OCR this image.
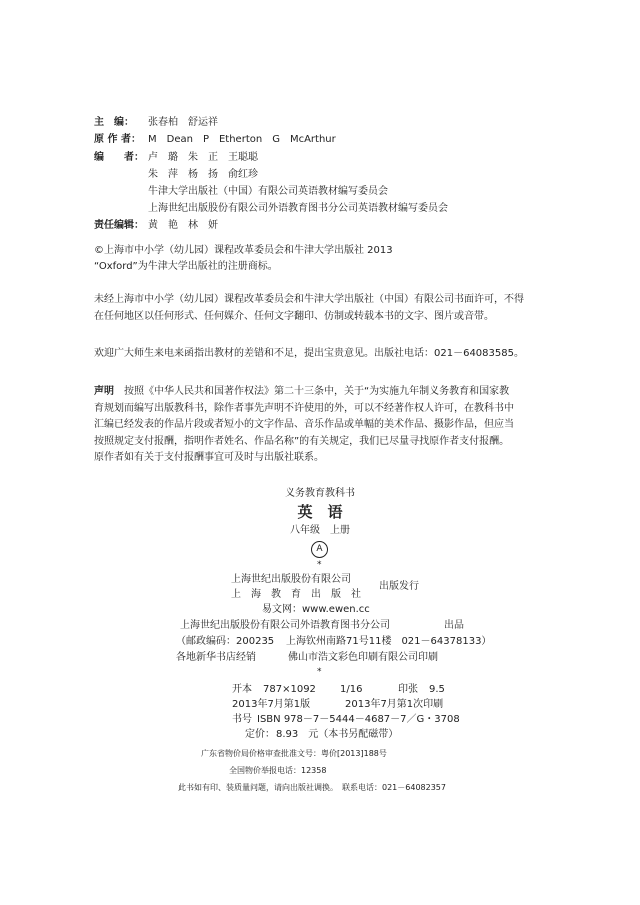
主　编： 张春柏　舒运祥
原 作 者： M　Dean　P　Etherton　G　McArthur
编　　者： 卢　璐　朱　正　王聪聪
朱　萍　杨　扬　俞红珍
牛津大学出版社（中国）有限公司英语教材编写委员会
上海世纪出版股份有限公司外语教育图书分公司英语教材编写委员会
责任编辑： 黄　艳　林　妍
©上海市中小学（幼儿园）课程改革委员会和牛津大学出版社 2013
“Oxford”为牛津大学出版社的注册商标。

未经上海市中小学（幼儿园）课程改革委员会和牛津大学出版社（中国）有限公司书面许可，不得

在任何地区以任何形式、任何媒介、任何文字翻印、仿制或转载本书的文字、图片或音带。

欢迎广大师生来电来函指出教材的差错和不足，提出宝贵意见。出版社电话：021－64083585。
声明	按照《中华人民共和国著作权法》第二十三条中，关于“为实施九年制义务教育和国家教

育规划而编写出版教科书，除作者事先声明不许使用的外，可以不经著作权人许可，在教科书中

汇编已经发表的作品片段或者短小的文字作品、音乐作品或单幅的美术作品、摄影作品，但应当

按照规定支付报酬，指明作者姓名、作品名称”的有关规定，我们已尽量寻找原作者支付报酬。

原作者如有关于支付报酬事宜可及时与出版社联系。

义务教育教科书
英　语
八年级　上册
A
*
上海世纪出版股份有限公司
上　海　教　育　出　版　社
出版发行
易文网：www.ewen.cc
上海世纪出版股份有限公司外语教育图书分公司	出品
（邮政编码：200235 上海钦州南路71号11楼　021－64378133）
各地新华书店经销	佛山市浩文彩色印刷有限公司印刷
*
开本 787×1092 1/16	印张 9.5
2013年7月第1版	2013年7月第1次印刷
书号 ISBN 978－7－5444－4687－7／G・3708
定价： 8.93　元（本书另配磁带）
广东省物价局价格审查批准文号：粤价[2013]188号
全国物价举报电话：12358
此书如有印、装质量问题，请向出版社调换。　联系电话：021－64082357
